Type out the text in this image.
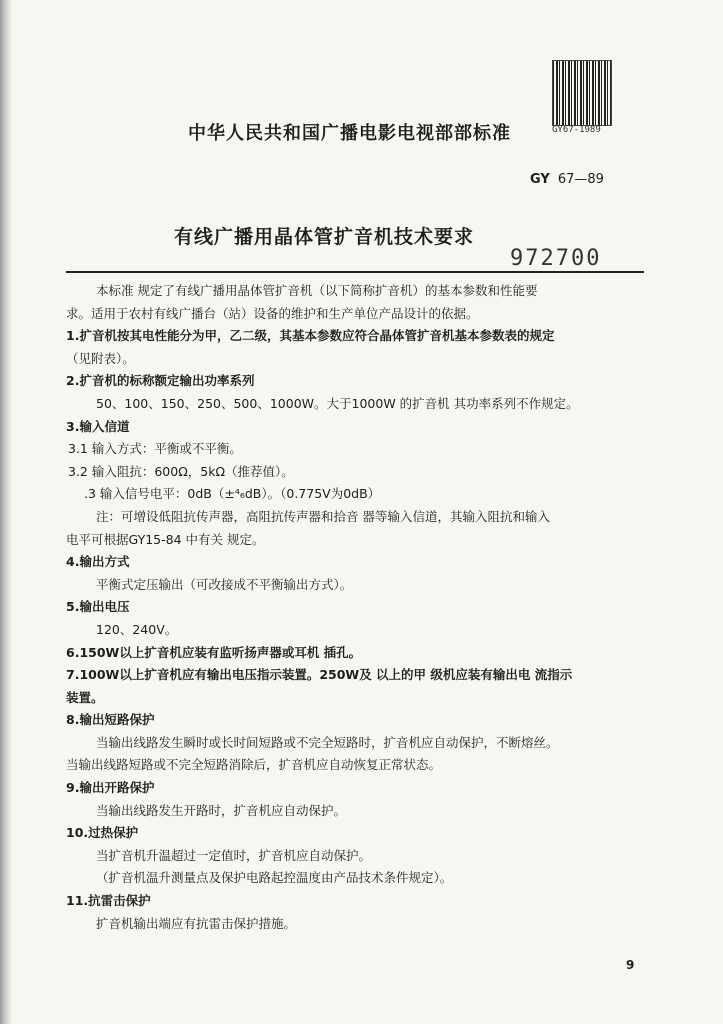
GY67-1989
中华人民共和国广播电影电视部部标准
GY 67—89
有线广播用晶体管扩音机技术要求
972700
本标准 规定了有线广播用晶体管扩音机（以下简称扩音机）的基本参数和性能要
求。适用于农村有线广播台（站）设备的维护和生产单位产品设计的依据。
1.扩音机按其电性能分为甲，乙二级，其基本参数应符合晶体管扩音机基本参数表的规定
（见附表）。
2.扩音机的标称额定输出功率系列
50、100、150、250、500、1000W。大于1000W 的扩音机 其功率系列不作规定。
3.输入信道
3.1 输入方式：平衡或不平衡。
3.2 输入阻抗：600Ω，5kΩ（推荐值）。
.3 输入信号电平：0dB（±⁴₆dB）。（0.775V为0dB）
注：可增设低阻抗传声器，高阻抗传声器和拾音 器等输入信道，其输入阻抗和输入
电平可根据GY15-84 中有关 规定。
4.输出方式
平衡式定压输出（可改接成不平衡输出方式）。
5.输出电压
120、240V。
6.150W以上扩音机应装有监听扬声器或耳机 插孔。
7.100W以上扩音机应有输出电压指示装置。250W及 以上的甲 级机应装有输出电 流指示
装置。
8.输出短路保护
当输出线路发生瞬时或长时间短路或不完全短路时，扩音机应自动保护，不断熔丝。
当输出线路短路或不完全短路消除后，扩音机应自动恢复正常状态。
9.输出开路保护
当输出线路发生开路时，扩音机应自动保护。
10.过热保护
当扩音机升温超过一定值时，扩音机应自动保护。
（扩音机温升测量点及保护电路起控温度由产品技术条件规定）。
11.抗雷击保护
扩音机输出端应有抗雷击保护措施。
9
